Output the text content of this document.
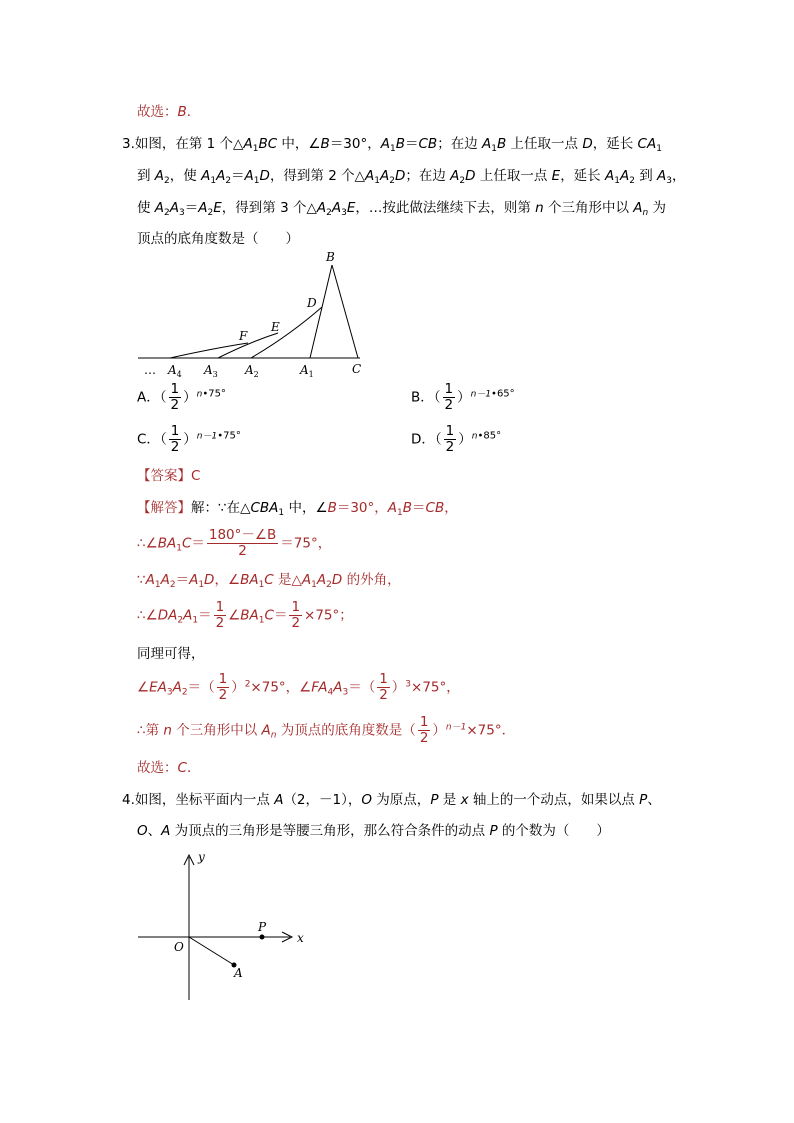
故选：B．
3.如图，在第 1 个$\triangle A_1BC$ 中，∠B＝30°，$A_1B=CB$；在边 $A_1B$ 上任取一点 D，延长 $CA_1$
到 $A_2$，使 $A_1A_2=A_1D$，得到第 2 个$\triangle A_1A_2D$；在边 $A_2D$ 上任取一点 E，延长 $A_1A_2$ 到 $A_3$，
使 $A_2A_3=A_2E$，得到第 3 个$\triangle A_2A_3E$，…按此做法继续下去，则第 n 个三角形中以 $A_n$ 为
顶点的底角度数是（　　）
B
D
E
F
… $A_4$ $A_3$ $A_2$	$A_1$	C
A．（ $\frac{1}{2} )^{n•75^\circ}$	B．（ $\frac{1}{2} )^{n-1•65^\circ}$
C．（ $\frac{1}{2} )^{n-1•75^\circ}$	D．（ $\frac{1}{2} )^{n•85^\circ}$
【答案】C
【解答】解：∵在$\triangle CBA_1$ 中，∠B＝30°，$A_1B=CB$，
$\therefore\angle BA_1C= \frac{180^\circ-\angle B}{2} =75^\circ$，
$\because A_1A_2=A_1D$，$\angle BA_1C$ 是$\triangle A_1A_2D$ 的外角，
$\therefore\angle DA_2A_1= \frac{1}{2}$ $\angle BA_1C= \frac{1}{2} \times 75^\circ$；
同理可得，
$\angle EA_3A_2=( \frac{1}{2} )^2\times 75^\circ$，$\angle FA_4A_3=( \frac{1}{2} )^3\times 75^\circ$，
∴第 n 个三角形中以 $A_n$ 为顶点的底角度数是（ $\frac{1}{2} )^{n-1}\times 75^\circ$．
故选：C．
4.如图，坐标平面内一点 A（2，－1），O 为原点，P 是 x 轴上的一个动点，如果以点 P、
O、A 为顶点的三角形是等腰三角形，那么符合条件的动点 P 的个数为（　　）
y
x
O
P
A
